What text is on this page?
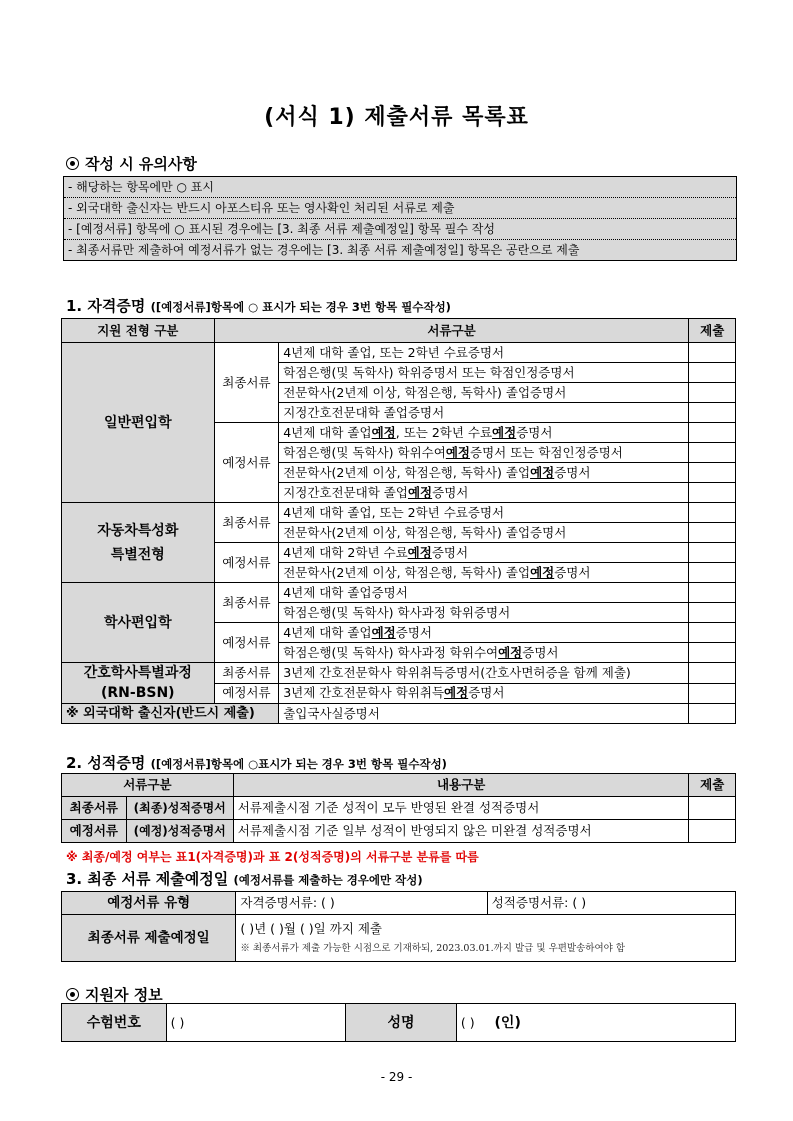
(서식 1) 제출서류 목록표
작성 시 유의사항
- 해당하는 항목에만 ○ 표시
- 외국대학 출신자는 반드시 아포스티유 또는 영사확인 처리된 서류로 제출
- [예정서류] 항목에 ○ 표시된 경우에는 [3. 최종 서류 제출예정일] 항목 필수 작성
- 최종서류만 제출하여 예정서류가 없는 경우에는 [3. 최종 서류 제출예정일] 항목은 공란으로 제출
1. 자격증명 ([예정서류]항목에 ○ 표시가 되는 경우 3번 항목 필수작성)
지원 전형 구분	서류구분		제출
일반편입학	최종서류	4년제 대학 졸업, 또는 2학년 수료증명서	
		학점은행(및 독학사) 학위증명서 또는 학점인정증명서	
		전문학사(2년제 이상, 학점은행, 독학사) 졸업증명서	
		지정간호전문대학 졸업증명서	
	예정서류	4년제 대학 졸업예정, 또는 2학년 수료예정증명서	
		학점은행(및 독학사) 학위수여예정증명서 또는 학점인정증명서	
		전문학사(2년제 이상, 학점은행, 독학사) 졸업예정증명서	
		지정간호전문대학 졸업예정증명서	
자동차특성화
특별전형	최종서류	4년제 대학 졸업, 또는 2학년 수료증명서	
		전문학사(2년제 이상, 학점은행, 독학사) 졸업증명서	
	예정서류	4년제 대학 2학년 수료예정증명서	
		전문학사(2년제 이상, 학점은행, 독학사) 졸업예정증명서	
학사편입학	최종서류	4년제 대학 졸업증명서	
		학점은행(및 독학사) 학사과정 학위증명서	
	예정서류	4년제 대학 졸업예정증명서	
		학점은행(및 독학사) 학사과정 학위수여예정증명서	
간호학사특별과정
(RN-BSN)	최종서류	3년제 간호전문학사 학위취득증명서(간호사면허증을 함께 제출)	
	예정서류	3년제 간호전문학사 학위취득예정증명서	
※ 외국대학 출신자(반드시 제출)		출입국사실증명서	
2. 성적증명 ([예정서류]항목에 ○표시가 되는 경우 3번 항목 필수작성)
서류구분		내용구분	제출
최종서류	(최종)성적증명서	서류제출시점 기준 성적이 모두 반영된 완결 성적증명서	
예정서류	(예정)성적증명서	서류제출시점 기준 일부 성적이 반영되지 않은 미완결 성적증명서	
※ 최종/예정 여부는 표1(자격증명)과 표 2(성적증명)의 서류구분 분류를 따름
3. 최종 서류 제출예정일 (예정서류를 제출하는 경우에만 작성)
예정서류 유형	자격증명서류: ( )	성적증명서류: ( )
최종서류 제출예정일	( )년 ( )월 ( )일 까지 제출
※ 최종서류가 제출 가능한 시점으로 기재하되, 2023.03.01.까지 발급 및 우편발송하여야 함	
지원자 정보
수험번호	( )	성명	( ) (인)
- 29 -
